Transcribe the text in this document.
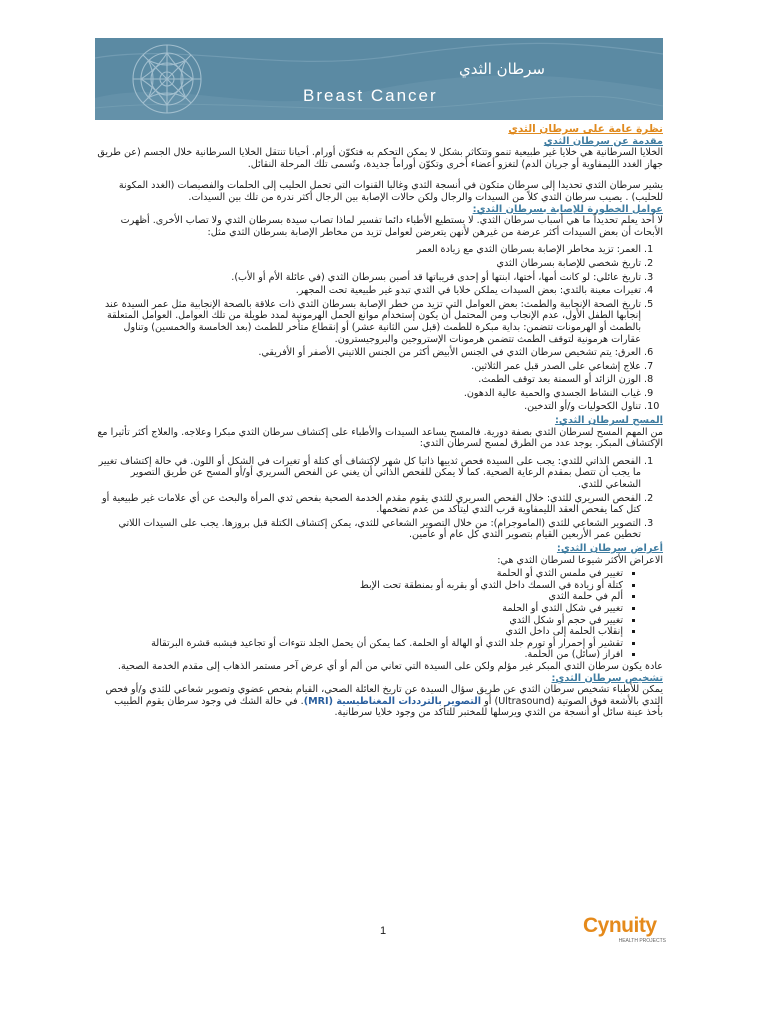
سرطان الثدي
Breast Cancer

نظرة عامة على سرطان الثدي

مقدمة عن سرطان الثدي

الخلايا السرطانية هي خلايا غير طبيعية تنمو وتتكاثر بشكل لا يمكن التحكم به فتكوّن أورام. أحيانا تنتقل الخلايا السرطانية خلال الجسم (عن طريق جهاز الغدد الليمفاوية أو جريان الدم) لتغزو أعضاء أخرى وتكوّن أوراماً جديدة، وتُسمى تلك المرحلة النقائل.

يشير سرطان الثدي تحديدا إلى سرطان متكون في أنسجة الثدي وغالبا القنوات التي تحمل الحليب إلى الحلمات والفصيصات (الغدد المكونة للحليب) . يصيب سرطان الثدي كلاً من السيدات والرجال ولكن حالات الإصابة بين الرجال أكثر ندرة من تلك بين السيدات.

عوامل الخطورة للإصابة بسرطان الثدي:

لا أحد يعلم تحديداً ما هي أسباب سرطان الثدي. لا يستطيع الأطباء دائما تفسير لماذا تصاب سيدة بسرطان الثدي ولا تصاب الأخرى. أظهرت الأبحاث أن بعض السيدات أكثر عرضة من غيرهن لأنهن يتعرضن لعوامل تزيد من مخاطر الإصابة بسرطان الثدي مثل:

1. العمر: تزيد مخاطر الإصابة بسرطان الثدي مع زيادة العمر
2. تاريخ شخصي للإصابة بسرطان الثدي
3. تاريخ عائلي: لو كانت أمها، أختها، ابنتها أو إحدى قريباتها قد أصبن بسرطان الثدي (في عائلة الأم أو الأب).
4. تغيرات معينة بالثدي: بعض السيدات يملكن خلايا في الثدي تبدو غير طبيعية تحت المجهر.
5. تاريخ الصحة الإنجابية والطمث: بعض العوامل التي تزيد من خطر الإصابة بسرطان الثدي ذات علاقة بالصحة الإنجابية مثل عمر السيدة عند إنجابها الطفل الأول، عدم الإنجاب ومن المحتمل أن يكون إستخدام موانع الحمل الهرمونية لمدد طويلة من تلك العوامل. العوامل المتعلقة بالطمث أو الهرمونات تتضمن: بداية مبكرة للطمث (قبل سن الثانية عشر) أو إنقطاع متأخر للطمث (بعد الخامسة والخمسين) وتناول عقارات هرمونية لتوقف الطمث تتضمن هرمونات الإستروجين والبروجيسترون.
6. العرق: يتم تشخيص سرطان الثدي في الجنس الأبيض أكثر من الجنس اللاتيني الأصفر أو الأفريقي.
7. علاج إشعاعي على الصدر قبل عمر الثلاثين.
8. الوزن الزائد أو السمنة بعد توقف الطمث.
9. غياب النشاط الجسدي والحمية عالية الدهون.
10. تناول الكحوليات و/أو التدخين.

المسح لسرطان الثدي:

من المهم المسح لسرطان الثدي بصفة دورية. فالمسح يساعد السيدات والأطباء على إكتشاف سرطان الثدي مبكرا وعلاجه. والعلاج أكثر تأثيرا مع الإكتشاف المبكر. يوجد عدد من الطرق لمسح لسرطان الثدي:

1. الفحص الذاتي للثدي: يجب على السيدة فحص ثدييها ذاتيا كل شهر لإكتشاف أي كتلة أو تغيرات في الشكل أو اللون. في حالة إكتشاف تغيير ما يجب أن تتصل بمقدم الرعاية الصحية. كما لا يمكن للفحص الذاتي أن يغني عن الفحص السريري أو/أو المسح عن طريق التصوير الشعاعي للثدي.
2. الفحص السريري للثدي: خلال الفحص السريري للثدي يقوم مقدم الخدمة الصحية بفحص ثدي المرأة والبحث عن أي علامات غير طبيعية أو كتل كما يفحص العقد الليمفاوية قرب الثدي ليتأكد من عدم تضخمها.
3. التصوير الشعاعي للثدي (الماموجرام): من خلال التصوير الشعاعي للثدي، يمكن إكتشاف الكتلة قبل بروزها. يجب على السيدات اللاتي تخطين عمر الأربعين القيام بتصوير الثدي كل عام أو عامين.

أعراض سرطان الثدي:

الاعراض الأكثر شيوعا لسرطان الثدي هي:

▪ تغيير في ملمس الثدي أو الحلمة
▪ كتلة أو زيادة في السمك داخل الثدي أو بقربه أو بمنطقة تحت الإبط
▪ ألم في حلمة الثدي
▪ تغيير في شكل الثدي أو الحلمة
▪ تغيير في حجم أو شكل الثدي
▪ إنقلاب الحلمة إلى داخل الثدي
▪ تقشير أو إحمرار أو تورم جلد الثدي أو الهالة أو الحلمة. كما يمكن أن يحمل الجلد نتوءات أو تجاعيد فيشبه قشرة البرتقالة
▪ افراز (سائل) من الحلمة.

عادة يكون سرطان الثدي المبكر غير مؤلم ولكن على السيدة التي تعاني من ألم أو أي عرض آخر مستمر الذهاب إلى مقدم الخدمة الصحية.

تشخيص سرطان الثدي:

يمكن للأطباء تشخيص سرطان الثدي عن طريق سؤال السيدة عن تاريخ العائلة الصحي، القيام بفحص عضوي وتصوير شعاعي للثدي و/أو فحص الثدي بالأشعة فوق الصوتية (Ultrasound) أو التصوير بالترددات المغناطيسية (MRI). في حالة الشك في وجود سرطان يقوم الطبيب بأخذ عينة سائل أو أنسجة من الثدي ويرسلها للمختبر للتأكد من وجود خلايا سرطانية.

1	Cynuity
HEALTH PROJECTS
